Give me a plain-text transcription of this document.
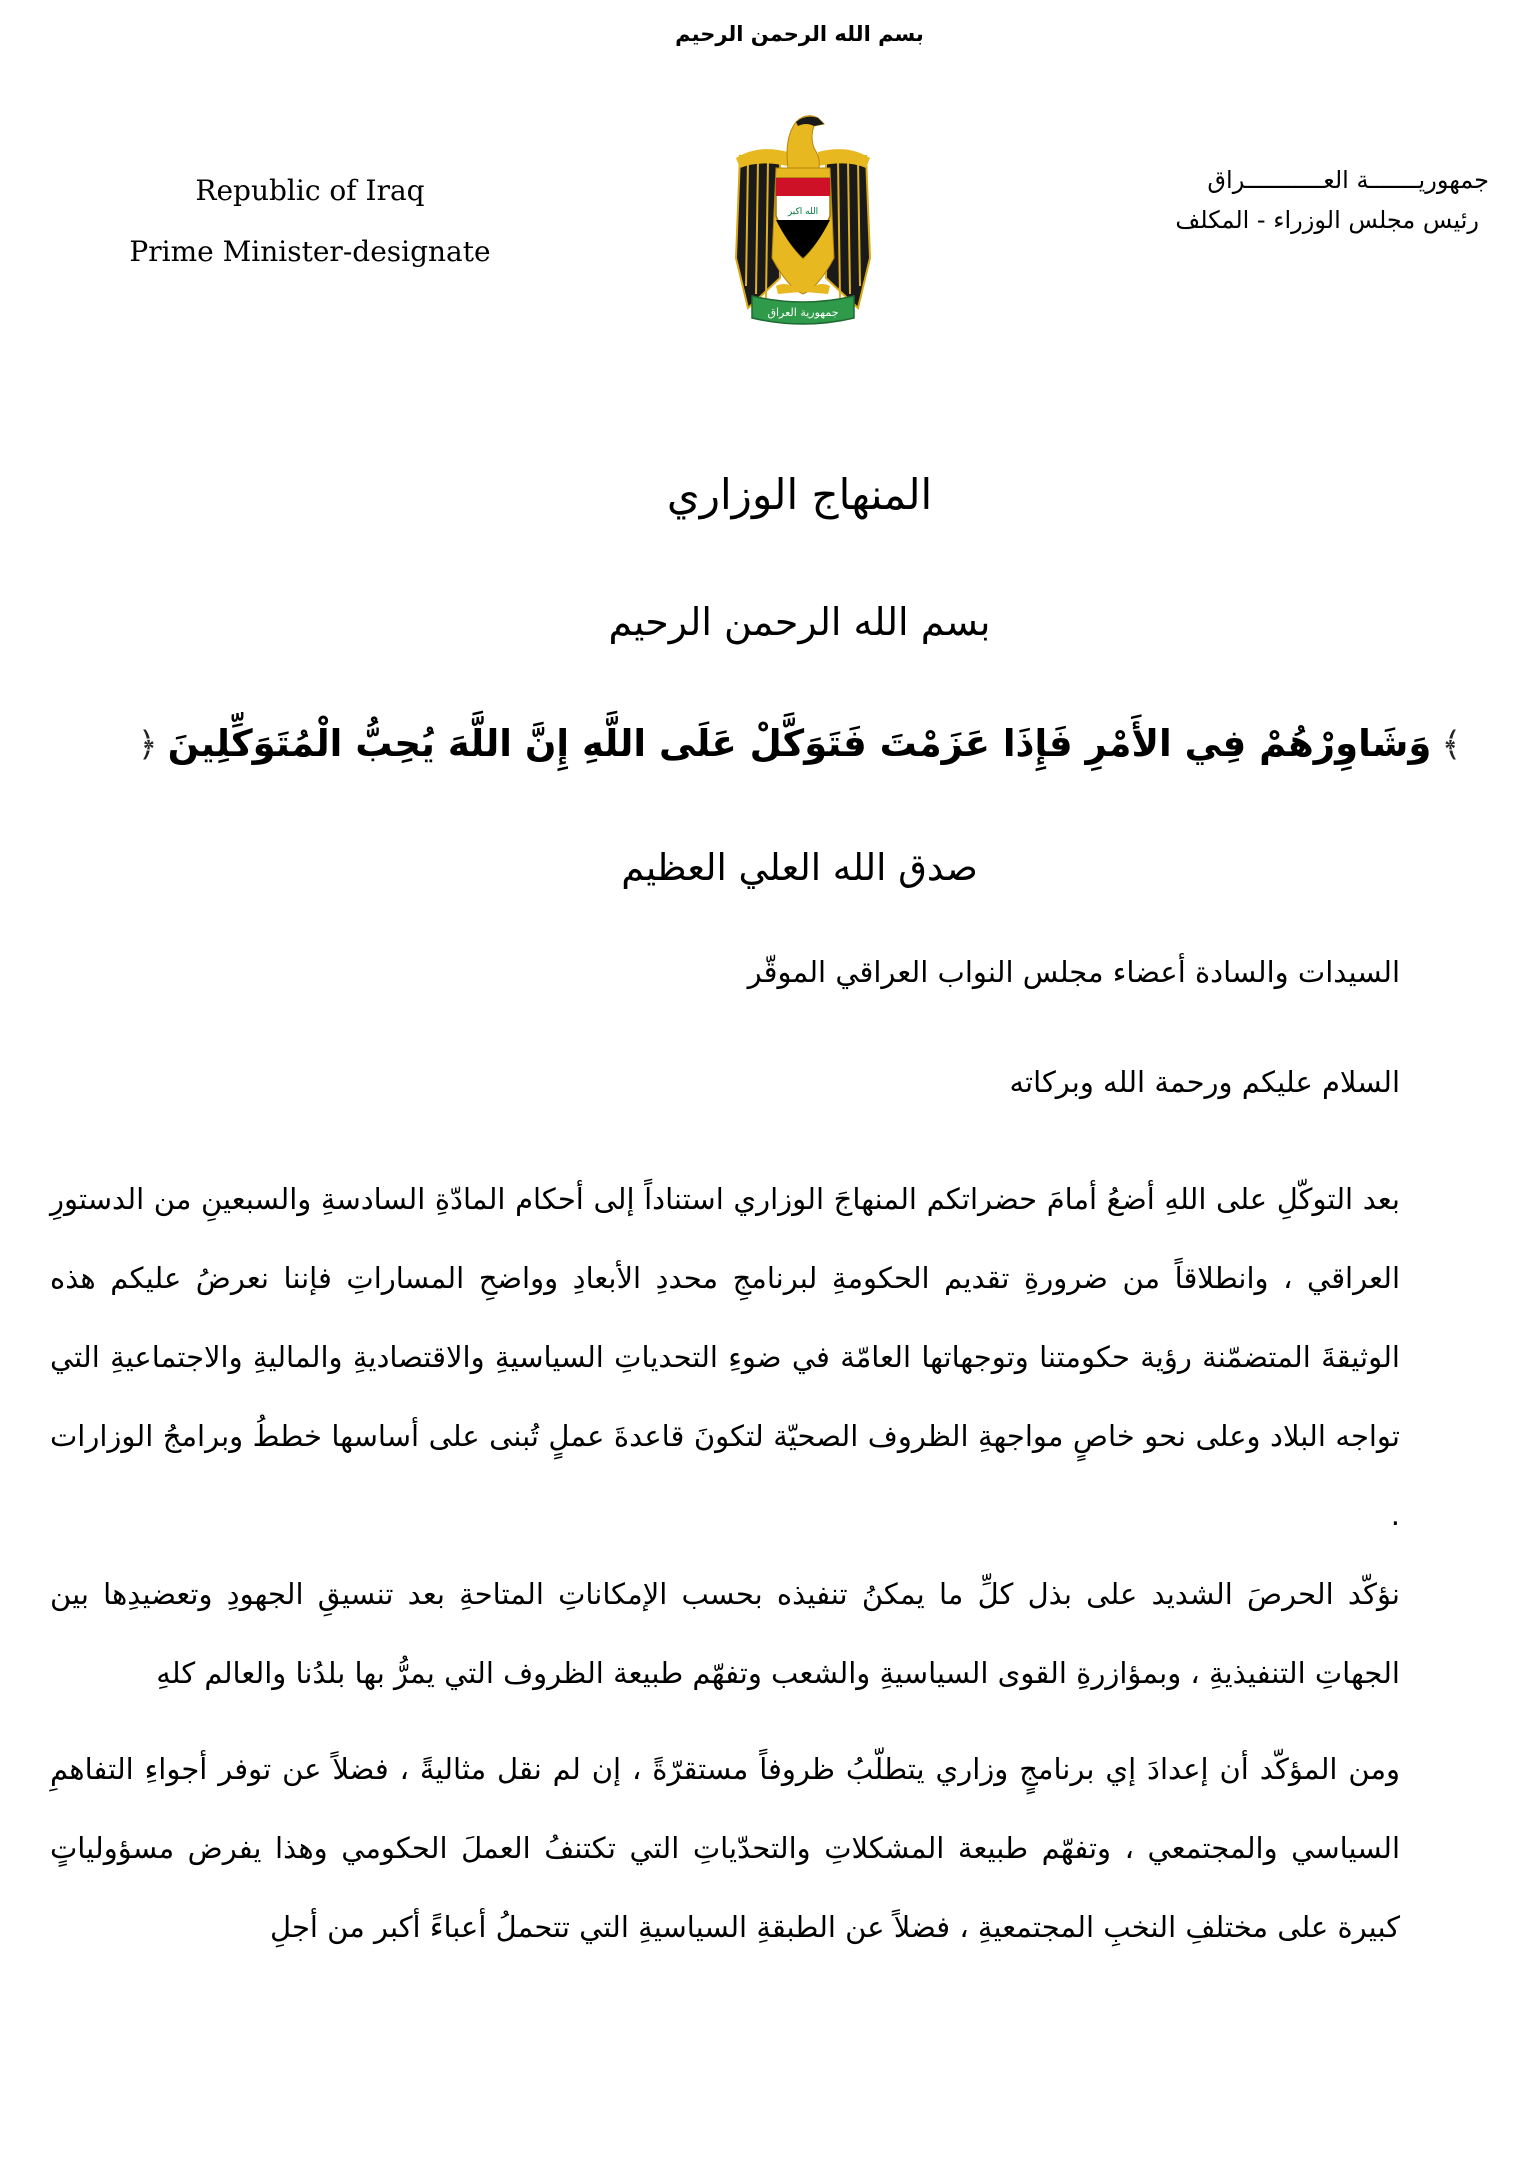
بسم الله الرحمن الرحيم
Republic of Iraq
Prime Minister-designate
الله اكبر
جمهورية العراق
جمهوريـــــــة العـــــــــــراق
رئيس مجلس الوزراء - المكلف
المنهاج الوزاري
بسم الله الرحمن الرحيم
﴾وَشَاوِرْهُمْ فِي الأَمْرِ فَإِذَا عَزَمْتَ فَتَوَكَّلْ عَلَى اللَّهِ إِنَّ اللَّهَ يُحِبُّ الْمُتَوَكِّلِينَ﴿
صدق الله العلي العظيم
السيدات والسادة أعضاء مجلس النواب العراقي الموقّر
السلام عليكم ورحمة الله وبركاته
بعد التوكّلِ على اللهِ أضعُ أمامَ حضراتكم المنهاجَ الوزاري استناداً إلى أحكام المادّةِ السادسةِ والسبعينِ من الدستورِ العراقي ، وانطلاقاً من ضرورةِ تقديم الحكومةِ لبرنامجِ محددِ الأبعادِ وواضحِ المساراتِ فإننا نعرضُ عليكم هذه الوثيقةَ المتضمّنة رؤية حكومتنا وتوجهاتها العامّة في ضوءِ التحدياتِ السياسيةِ والاقتصاديةِ والماليةِ والاجتماعيةِ التي تواجه البلاد وعلى نحو خاصٍ مواجهةِ الظروف الصحيّة لتكونَ قاعدةَ عملٍ تُبنى على أساسها خططُ وبرامجُ الوزارات .
نؤكّد الحرصَ الشديد على بذل كلِّ ما يمكنُ تنفيذه بحسب الإمكاناتِ المتاحةِ بعد تنسيقِ الجهودِ وتعضيدِها بين الجهاتِ التنفيذيةِ ، وبمؤازرةِ القوى السياسيةِ والشعب وتفهّم طبيعة الظروف التي يمرُّ بها بلدُنا والعالم كلهِ
ومن المؤكّد أن إعدادَ إي برنامجٍ وزاري يتطلّبُ ظروفاً مستقرّةً ، إن لم نقل مثاليةً ، فضلاً عن توفر أجواءِ التفاهمِ السياسي والمجتمعي ، وتفهّم طبيعة المشكلاتِ والتحدّياتِ التي تكتنفُ العملَ الحكومي وهذا يفرض مسؤولياتٍ كبيرة على مختلفِ النخبِ المجتمعيةِ ، فضلاً عن الطبقةِ السياسيةِ التي تتحملُ أعباءً أكبر من أجلِ
